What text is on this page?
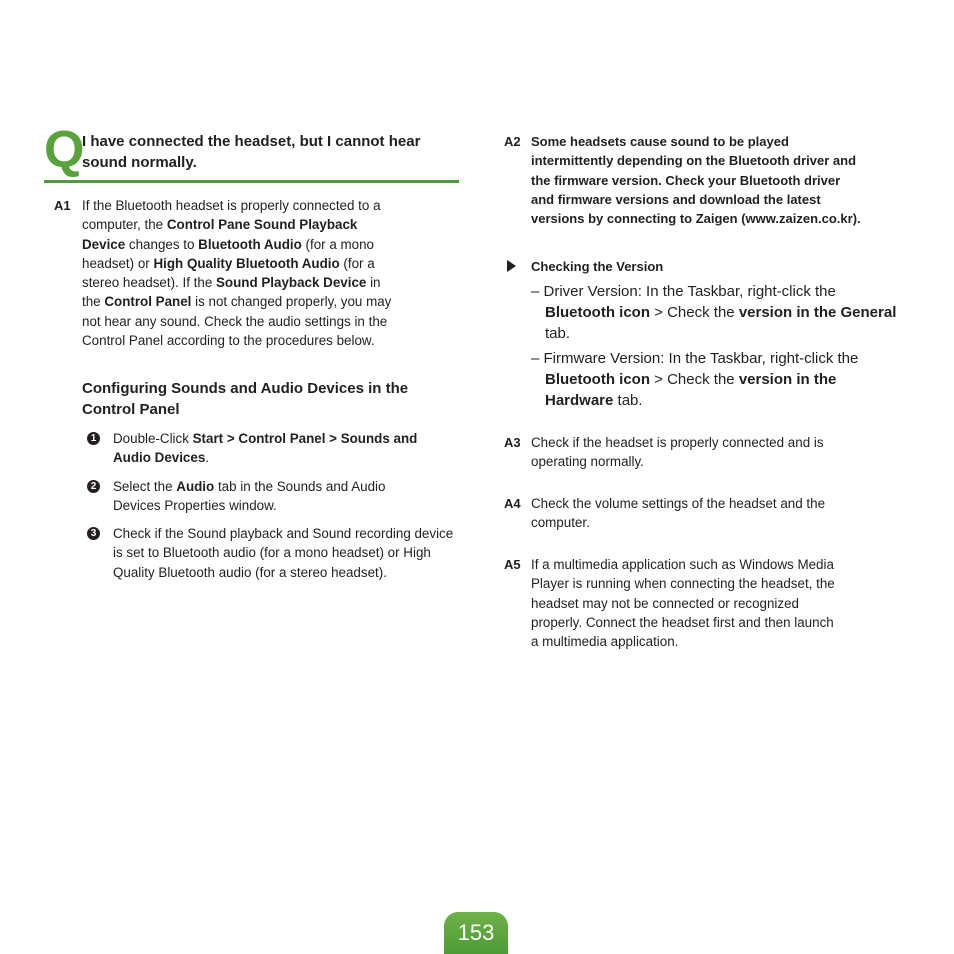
Q I have connected the headset, but I cannot hear sound normally.
A1 If the Bluetooth headset is properly connected to a computer, the Control Pane Sound Playback Device changes to Bluetooth Audio (for a mono headset) or High Quality Bluetooth Audio (for a stereo headset). If the Sound Playback Device in the Control Panel is not changed properly, you may not hear any sound. Check the audio settings in the Control Panel according to the procedures below.
Configuring Sounds and Audio Devices in the Control Panel
1 Double-Click Start > Control Panel > Sounds and Audio Devices.
2 Select the Audio tab in the Sounds and Audio Devices Properties window.
3 Check if the Sound playback and Sound recording device is set to Bluetooth audio (for a mono headset) or High Quality Bluetooth audio (for a stereo headset).
A2 Some headsets cause sound to be played intermittently depending on the Bluetooth driver and the firmware version. Check your Bluetooth driver and firmware versions and download the latest versions by connecting to Zaigen (www.zaizen.co.kr).
Checking the Version
– Driver Version: In the Taskbar, right-click the Bluetooth icon > Check the version in the General tab.
– Firmware Version: In the Taskbar, right-click the Bluetooth icon > Check the version in the Hardware tab.
A3 Check if the headset is properly connected and is operating normally.
A4 Check the volume settings of the headset and the computer.
A5 If a multimedia application such as Windows Media Player is running when connecting the headset, the headset may not be connected or recognized properly. Connect the headset first and then launch a multimedia application.
153
